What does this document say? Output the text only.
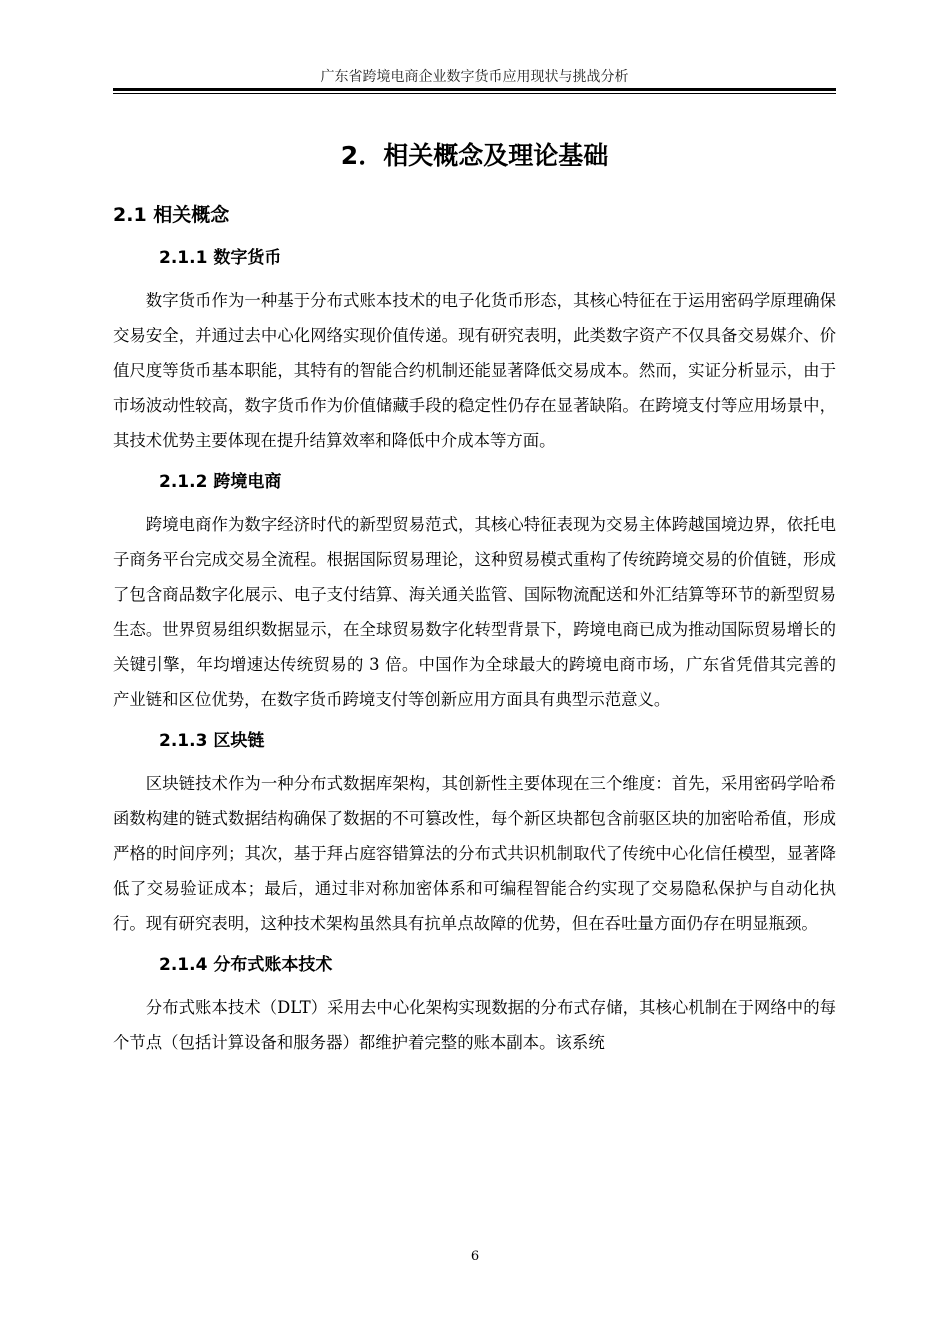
广东省跨境电商企业数字货币应用现状与挑战分析
2．相关概念及理论基础
2.1 相关概念
2.1.1 数字货币

数字货币作为一种基于分布式账本技术的电子化货币形态，其核心特征在于运用密码学原理确保交易安全，并通过去中心化网络实现价值传递。现有研究表明，此类数字资产不仅具备交易媒介、价值尺度等货币基本职能，其特有的智能合约机制还能显著降低交易成本。然而，实证分析显示，由于市场波动性较高，数字货币作为价值储藏手段的稳定性仍存在显著缺陷。在跨境支付等应用场景中，其技术优势主要体现在提升结算效率和降低中介成本等方面。

2.1.2 跨境电商

跨境电商作为数字经济时代的新型贸易范式，其核心特征表现为交易主体跨越国境边界，依托电子商务平台完成交易全流程。根据国际贸易理论，这种贸易模式重构了传统跨境交易的价值链，形成了包含商品数字化展示、电子支付结算、海关通关监管、国际物流配送和外汇结算等环节的新型贸易生态。世界贸易组织数据显示，在全球贸易数字化转型背景下，跨境电商已成为推动国际贸易增长的关键引擎，年均增速达传统贸易的 3 倍。中国作为全球最大的跨境电商市场，广东省凭借其完善的产业链和区位优势，在数字货币跨境支付等创新应用方面具有典型示范意义。

2.1.3 区块链

区块链技术作为一种分布式数据库架构，其创新性主要体现在三个维度：首先，采用密码学哈希函数构建的链式数据结构确保了数据的不可篡改性，每个新区块都包含前驱区块的加密哈希值，形成严格的时间序列；其次，基于拜占庭容错算法的分布式共识机制取代了传统中心化信任模型，显著降低了交易验证成本；最后，通过非对称加密体系和可编程智能合约实现了交易隐私保护与自动化执行。现有研究表明，这种技术架构虽然具有抗单点故障的优势，但在吞吐量方面仍存在明显瓶颈。

2.1.4 分布式账本技术

分布式账本技术（DLT）采用去中心化架构实现数据的分布式存储，其核心机制在于网络中的每个节点（包括计算设备和服务器）都维护着完整的账本副本。该系统

6
